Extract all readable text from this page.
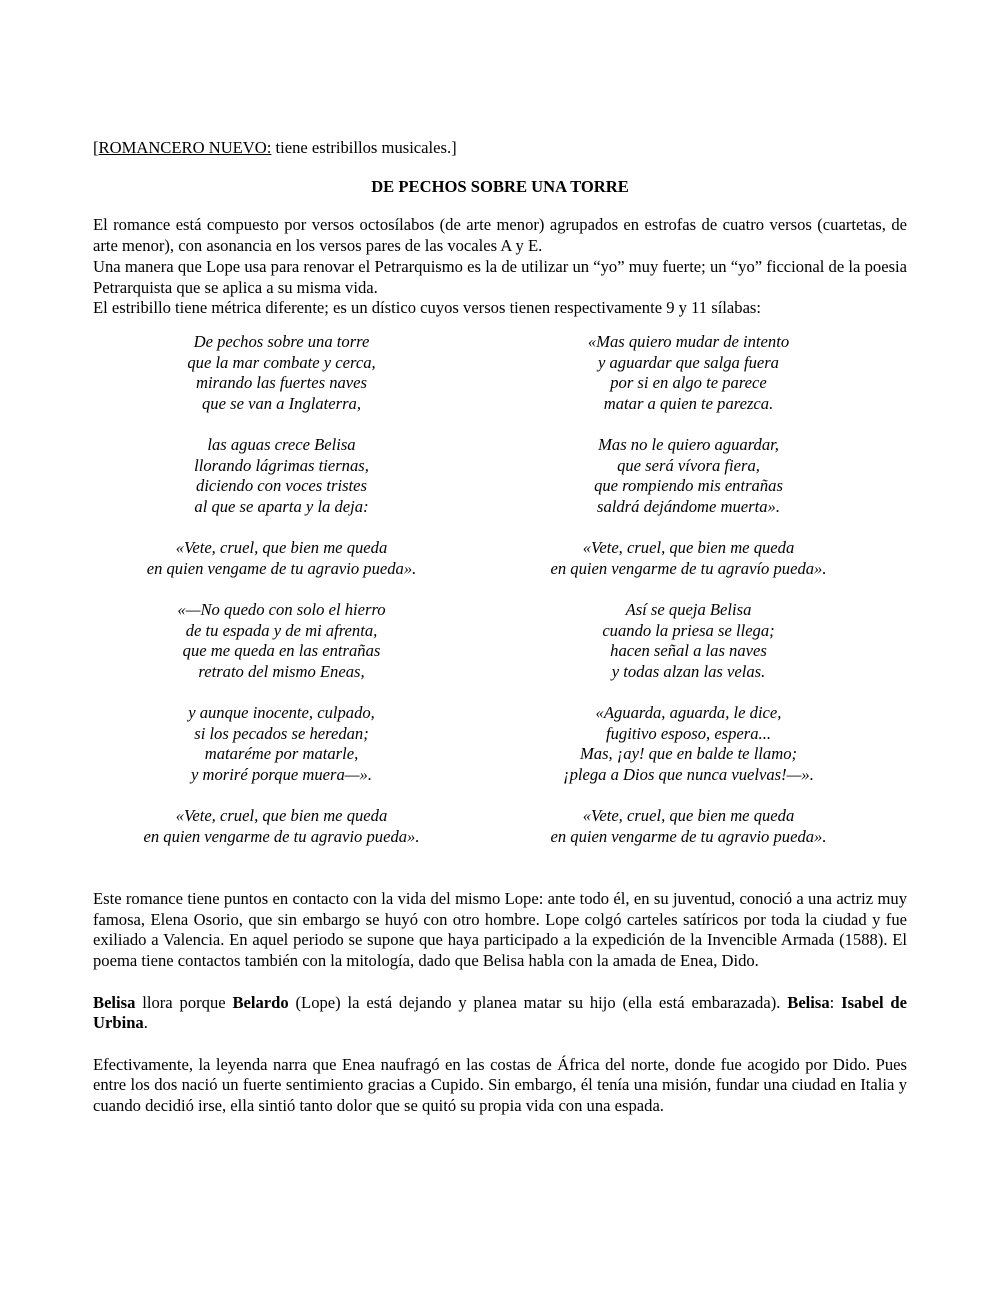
[ROMANCERO NUEVO: tiene estribillos musicales.]

DE PECHOS SOBRE UNA TORRE

El romance está compuesto por versos octosílabos (de arte menor) agrupados en estrofas de cuatro versos (cuartetas, de arte menor), con asonancia en los versos pares de las vocales A y E.

Una manera que Lope usa para renovar el Petrarquismo es la de utilizar un “yo” muy fuerte; un “yo” ficcional de la poesia Petrarquista que se aplica a su misma vida.

El estribillo tiene métrica diferente; es un dístico cuyos versos tienen respectivamente 9 y 11 sílabas:

De pechos sobre una torre
que la mar combate y cerca,
mirando las fuertes naves
que se van a Inglaterra,
las aguas crece Belisa
llorando lágrimas tiernas,
diciendo con voces tristes
al que se aparta y la deja:
«Vete, cruel, que bien me queda
en quien vengame de tu agravio pueda».
«—No quedo con solo el hierro
de tu espada y de mi afrenta,
que me queda en las entrañas
retrato del mismo Eneas,
y aunque inocente, culpado,
si los pecados se heredan;
mataréme por matarle,
y moriré porque muera—».
«Vete, cruel, que bien me queda
en quien vengarme de tu agravio pueda».
«Mas quiero mudar de intento
y aguardar que salga fuera
por si en algo te parece
matar a quien te parezca.
Mas no le quiero aguardar,
que será vívora fiera,
que rompiendo mis entrañas
saldrá dejándome muerta».
«Vete, cruel, que bien me queda
en quien vengarme de tu agravío pueda».
Así se queja Belisa
cuando la priesa se llega;
hacen señal a las naves
y todas alzan las velas.
«Aguarda, aguarda, le dice,
fugitivo esposo, espera...
Mas, ¡ay! que en balde te llamo;
¡plega a Dios que nunca vuelvas!—».
«Vete, cruel, que bien me queda
en quien vengarme de tu agravio pueda».

Este romance tiene puntos en contacto con la vida del mismo Lope: ante todo él, en su juventud, conoció a una actriz muy famosa, Elena Osorio, que sin embargo se huyó con otro hombre. Lope colgó carteles satíricos por toda la ciudad y fue exiliado a Valencia. En aquel periodo se supone que haya participado a la expedición de la Invencible Armada (1588). El poema tiene contactos también con la mitología, dado que Belisa habla con la amada de Enea, Dido.

Belisa llora porque Belardo (Lope) la está dejando y planea matar su hijo (ella está embarazada). Belisa: Isabel de Urbina.

Efectivamente, la leyenda narra que Enea naufragó en las costas de África del norte, donde fue acogido por Dido. Pues entre los dos nació un fuerte sentimiento gracias a Cupido. Sin embargo, él tenía una misión, fundar una ciudad en Italia y cuando decidió irse, ella sintió tanto dolor que se quitó su propia vida con una espada.
